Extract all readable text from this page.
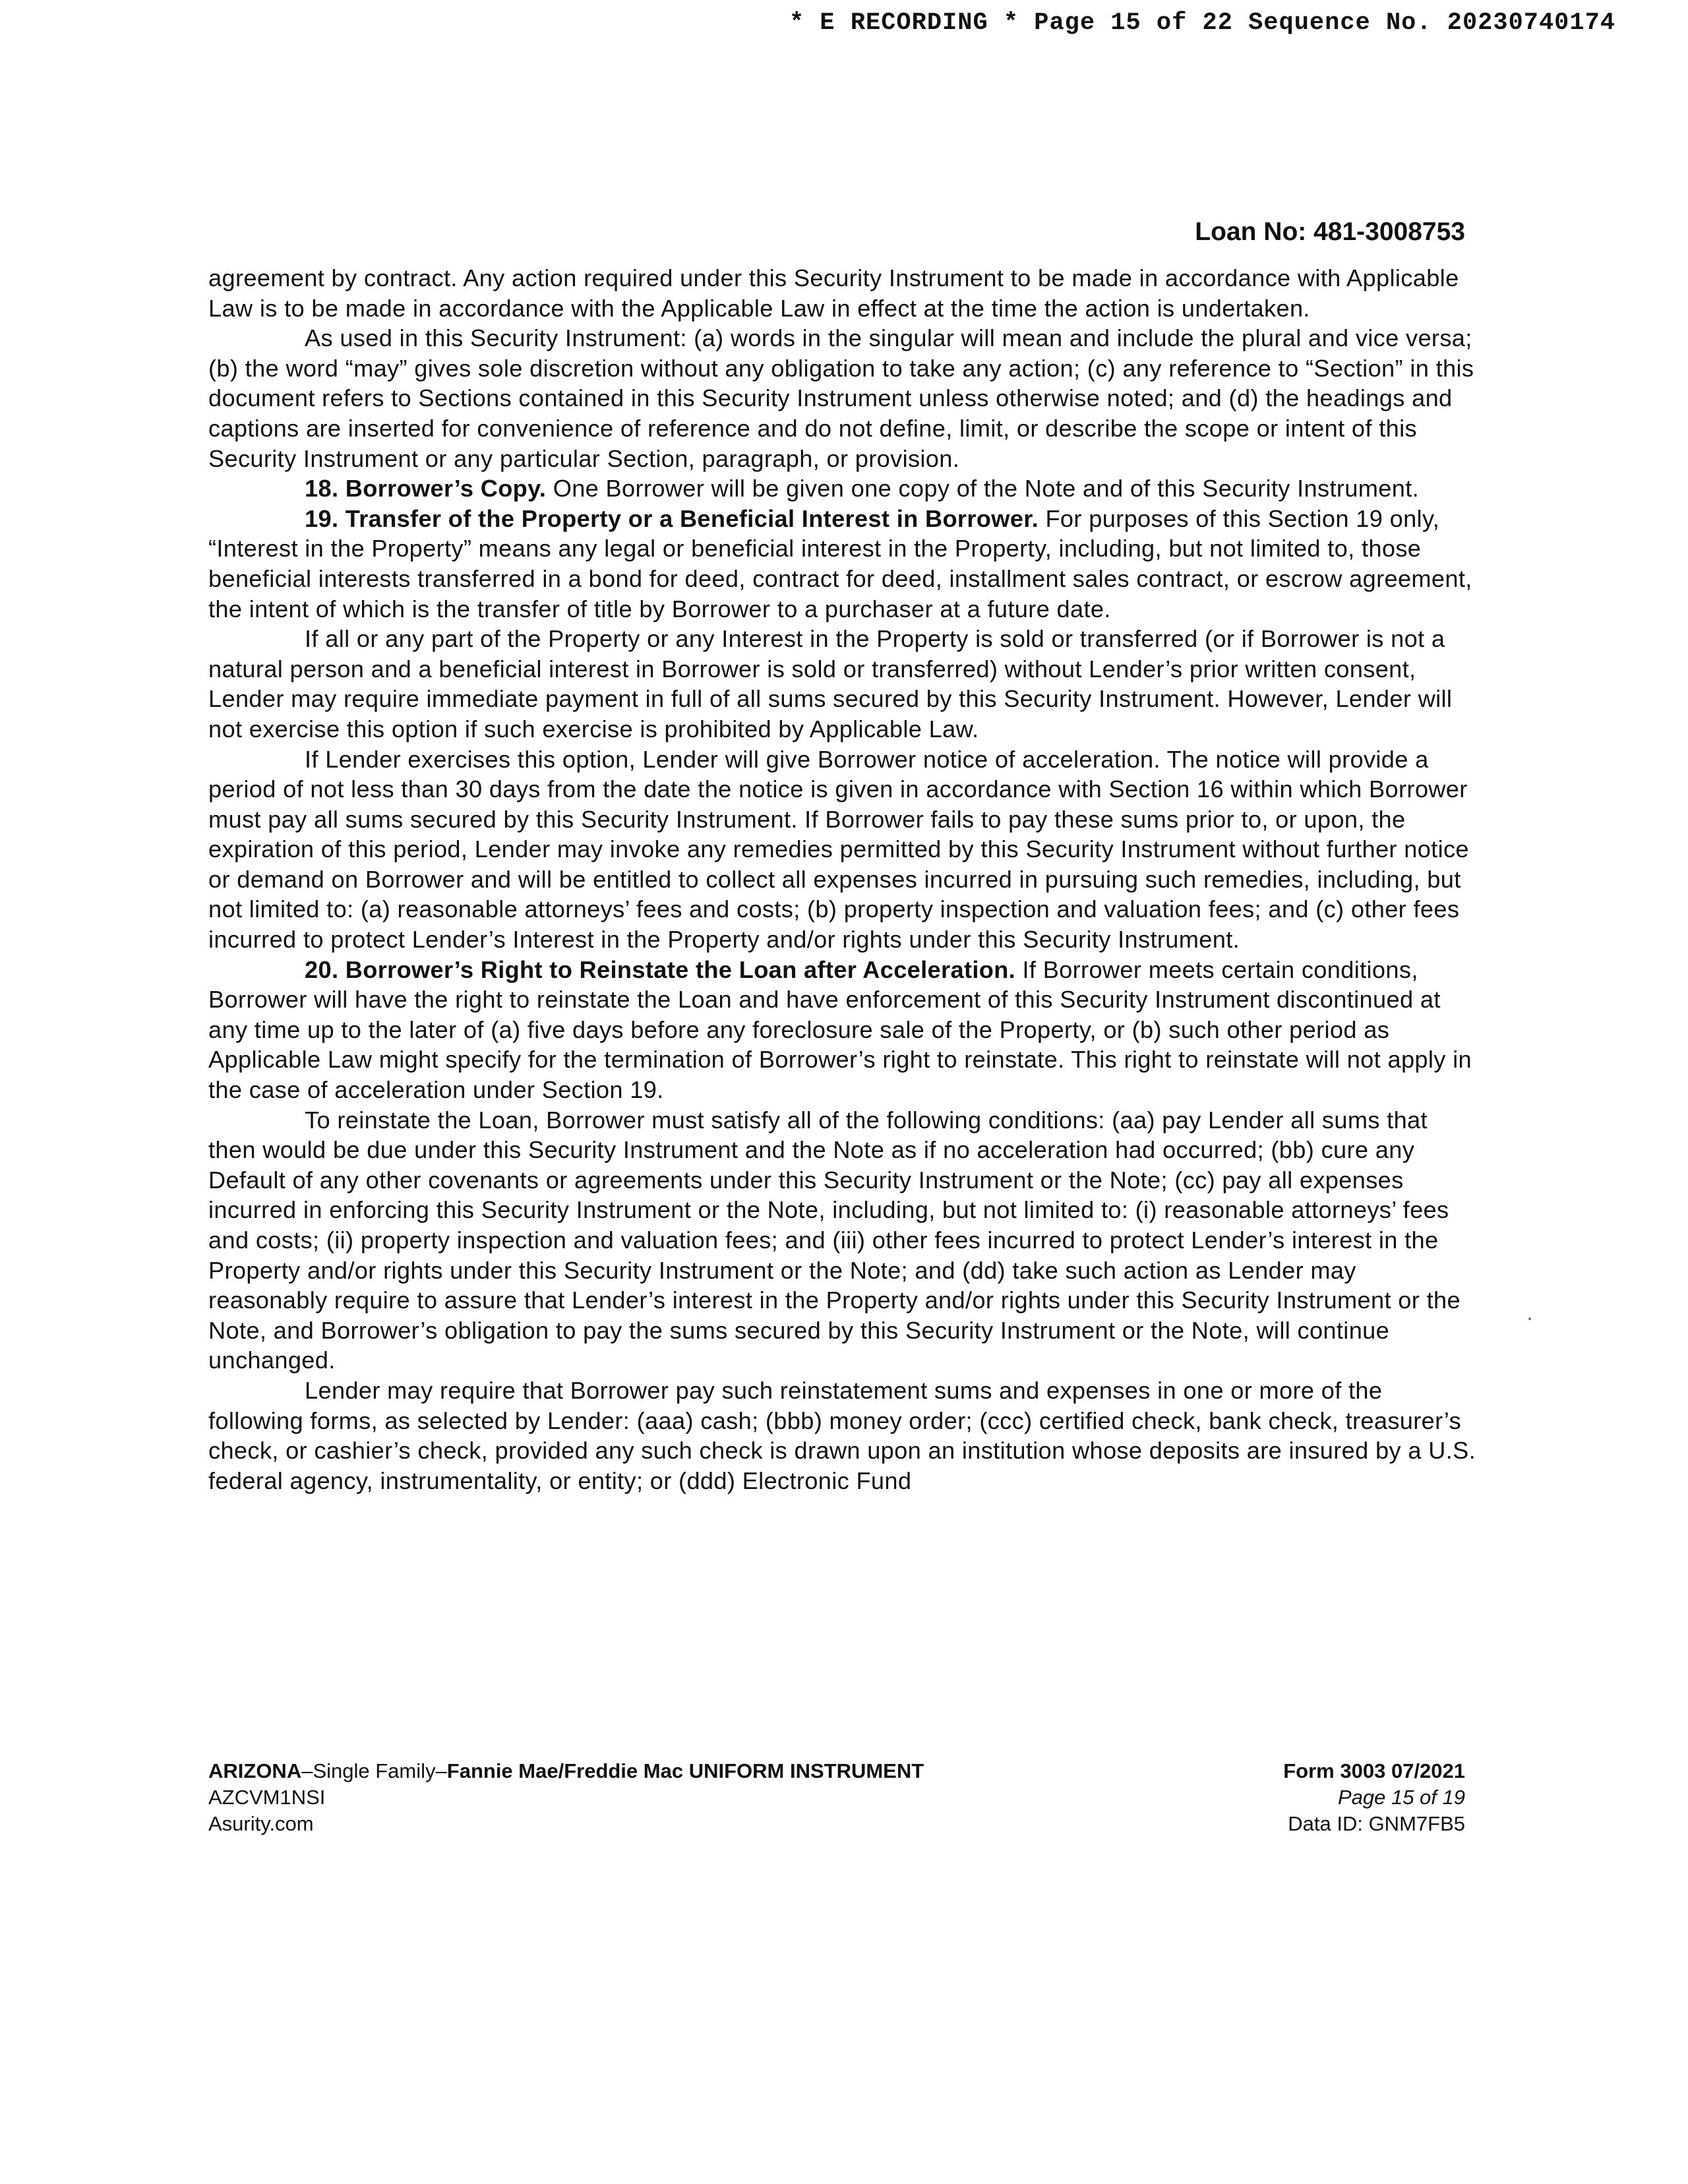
* E RECORDING * Page 15 of 22 Sequence No. 20230740174
Loan No: 481-3008753

agreement by contract. Any action required under this Security Instrument to be made in accordance with Applicable Law is to be made in accordance with the Applicable Law in effect at the time the action is undertaken.

As used in this Security Instrument: (a) words in the singular will mean and include the plural and vice versa; (b) the word “may” gives sole discretion without any obligation to take any action; (c) any reference to “Section” in this document refers to Sections contained in this Security Instrument unless otherwise noted; and (d) the headings and captions are inserted for convenience of reference and do not define, limit, or describe the scope or intent of this Security Instrument or any particular Section, paragraph, or provision.

18. Borrower’s Copy. One Borrower will be given one copy of the Note and of this Security Instrument.

19. Transfer of the Property or a Beneficial Interest in Borrower. For purposes of this Section 19 only, “Interest in the Property” means any legal or beneficial interest in the Property, including, but not limited to, those beneficial interests transferred in a bond for deed, contract for deed, installment sales contract, or escrow agreement, the intent of which is the transfer of title by Borrower to a purchaser at a future date.

If all or any part of the Property or any Interest in the Property is sold or transferred (or if Borrower is not a natural person and a beneficial interest in Borrower is sold or transferred) without Lender’s prior written consent, Lender may require immediate payment in full of all sums secured by this Security Instrument. However, Lender will not exercise this option if such exercise is prohibited by Applicable Law.

If Lender exercises this option, Lender will give Borrower notice of acceleration. The notice will provide a period of not less than 30 days from the date the notice is given in accordance with Section 16 within which Borrower must pay all sums secured by this Security Instrument. If Borrower fails to pay these sums prior to, or upon, the expiration of this period, Lender may invoke any remedies permitted by this Security Instrument without further notice or demand on Borrower and will be entitled to collect all expenses incurred in pursuing such remedies, including, but not limited to: (a) reasonable attorneys’ fees and costs; (b) property inspection and valuation fees; and (c) other fees incurred to protect Lender’s Interest in the Property and/or rights under this Security Instrument.

20. Borrower’s Right to Reinstate the Loan after Acceleration. If Borrower meets certain conditions, Borrower will have the right to reinstate the Loan and have enforcement of this Security Instrument discontinued at any time up to the later of (a) five days before any foreclosure sale of the Property, or (b) such other period as Applicable Law might specify for the termination of Borrower’s right to reinstate. This right to reinstate will not apply in the case of acceleration under Section 19.

To reinstate the Loan, Borrower must satisfy all of the following conditions: (aa) pay Lender all sums that then would be due under this Security Instrument and the Note as if no acceleration had occurred; (bb) cure any Default of any other covenants or agreements under this Security Instrument or the Note; (cc) pay all expenses incurred in enforcing this Security Instrument or the Note, including, but not limited to: (i) reasonable attorneys’ fees and costs; (ii) property inspection and valuation fees; and (iii) other fees incurred to protect Lender’s interest in the Property and/or rights under this Security Instrument or the Note; and (dd) take such action as Lender may reasonably require to assure that Lender’s interest in the Property and/or rights under this Security Instrument or the Note, and Borrower’s obligation to pay the sums secured by this Security Instrument or the Note, will continue unchanged.

Lender may require that Borrower pay such reinstatement sums and expenses in one or more of the following forms, as selected by Lender: (aaa) cash; (bbb) money order; (ccc) certified check, bank check, treasurer’s check, or cashier’s check, provided any such check is drawn upon an institution whose deposits are insured by a U.S. federal agency, instrumentality, or entity; or (ddd) Electronic Fund

ARIZONA–Single Family–Fannie Mae/Freddie Mac UNIFORM INSTRUMENT
AZCVM1NSI
Asurity.com
Form 3003 07/2021
Page 15 of 19
Data ID: GNM7FB5
